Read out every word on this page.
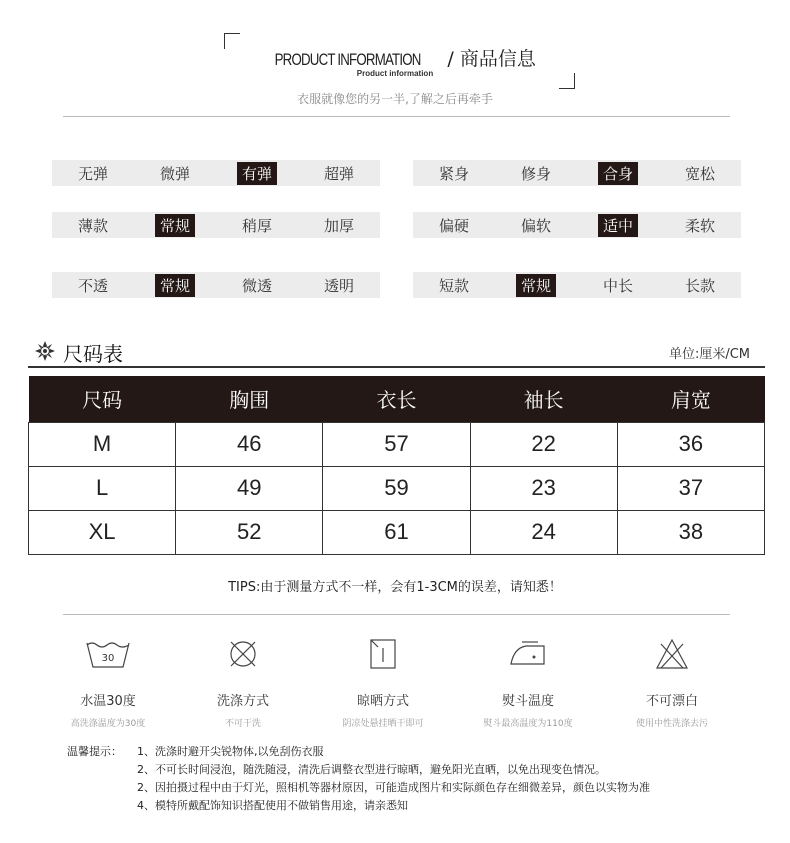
PRODUCT INFORMATION / 商品信息
Product information
衣服就像您的另一半,了解之后再牵手
无弹	微弹	有弹	超弹	紧身	修身	合身	宽松
薄款	常规	稍厚	加厚	偏硬	偏软	适中	柔软
不透	常规	微透	透明	短款	常规	中长	长款
尺码表	单位:厘米/CM
尺码	胸围	衣长	袖长	肩宽
M	46	57	22	36
L	49	59	23	37
XL	52	61	24	38
TIPS:由于测量方式不一样，会有1-3CM的误差，请知悉！
30
水温30度
高洗涤温度为30度
洗涤方式
不可干洗
晾晒方式
阴凉处悬挂晒干即可
熨斗温度
熨斗最高温度为110度
不可漂白
使用中性洗涤去污
温馨提示： 1、洗涤时避开尖锐物体,以免刮伤衣服
2、不可长时间浸泡，随洗随浸，清洗后调整衣型进行晾晒，避免阳光直晒，以免出现变色情况。
2、因拍摄过程中由于灯光，照相机等器材原因，可能造成图片和实际颜色存在细微差异，颜色以实物为准
4、模特所戴配饰知识搭配使用不做销售用途，请亲悉知
